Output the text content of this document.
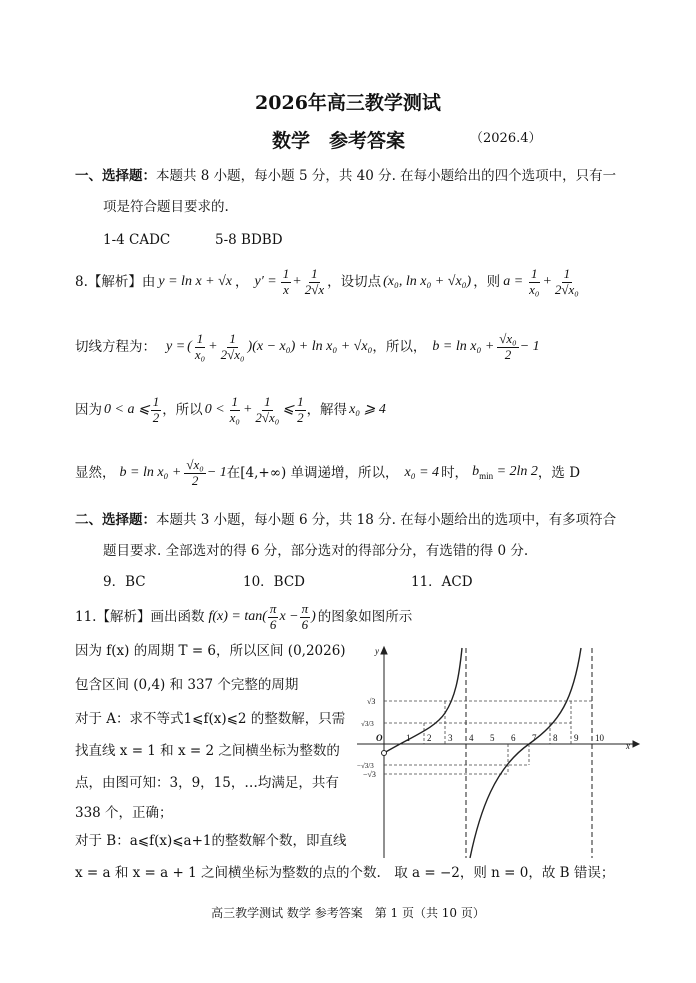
2026年高三教学测试
数学　参考答案	（2026.4）
一、选择题：本题共 8 小题，每小题 5 分，共 40 分. 在每小题给出的四个选项中，只有一
项是符合题目要求的.
1-4 CADC	5-8 BDBD
8.【解析】由 y = ln x + √x ， $y' = \frac{1}{x} + \frac{1}{2√x}$ ，设切点 (x₀, ln x₀ + √x₀) ，则 $a = \frac{1}{\text{x₀}} + \frac{1}{\text{2√x₀}}$
切线方程为： y = ( $\frac{1}{\text{x₀}} + \frac{1}{\text{2√x₀}}$ ) (x − x₀) + ln x₀ + √x₀ ，所以， $b = \ln x_0 + \frac{\text{√x₀}}{2} - 1$
因为 0 < a ⩽ $\frac{1}{2}$ ，所以 $0 < \frac{1}{\text{x₀}} + \frac{1}{\text{2√x₀}}$ ⩽ $\frac{1}{2}$ ，解得 x₀ ⩾ 4
显然， $b = \ln x_0 + \frac{\text{√x₀}}{2} - 1$ 在[4,+∞) 单调递增，所以， x₀ = 4 时， $b_{min} = 2\ln$ 2 ，选 D
二、选择题：本题共 3 小题，每小题 6 分，共 18 分. 在每小题给出的选项中，有多项符合
题目要求. 全部选对的得 6 分，部分选对的得部分分，有选错的得 0 分.
9．BC	10．BCD	11．ACD
11.【解析】画出函数 $f(x) = \tan( \frac{\pi}{6}$ $x - \frac{\pi}{6}$ ) 的图象如图所示
因为 f(x) 的周期 T = 6，所以区间 (0,2026)
包含区间 (0,4) 和 337 个完整的周期
对于 A：求不等式1⩽f(x)⩽2 的整数解，只需
找直线 x = 1 和 x = 2 之间横坐标为整数的
点，由图可知：3，9，15，…均满足，共有
338 个，正确；
对于 B：a⩽f(x)⩽a+1的整数解个数，即直线
x = a 和 x = a + 1 之间横坐标为整数的点的个数.　取 a = −2，则 n = 0，故 B 错误；
y
x
O	1 2 3 4 5 6 7 8 9 10
√3
√3/3
−√3/3
−√3
高三教学测试 数学 参考答案　第 1 页（共 10 页）
